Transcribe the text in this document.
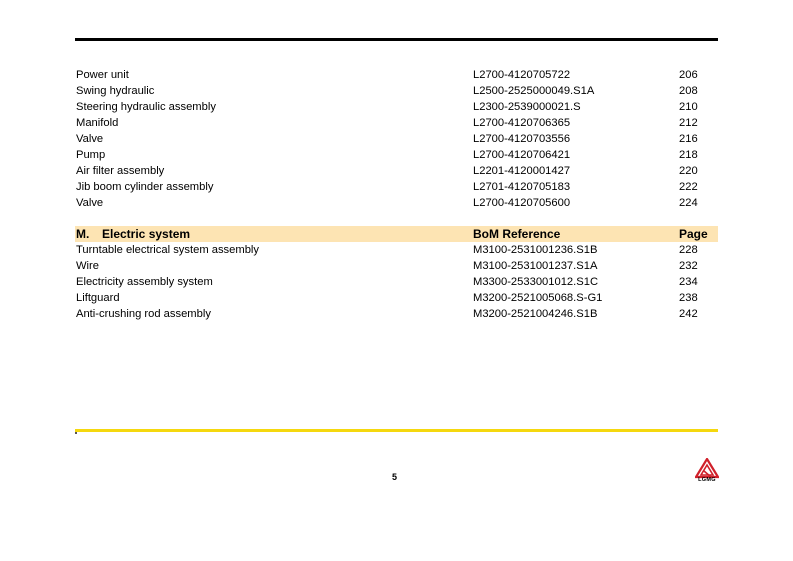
Power unit	L2700-4120705722	206
Swing hydraulic	L2500-2525000049.S1A	208
Steering hydraulic assembly	L2300-2539000021.S	210
Manifold	L2700-4120706365	212
Valve	L2700-4120703556	216
Pump	L2700-4120706421	218
Air filter assembly	L2201-4120001427	220
Jib boom cylinder assembly	L2701-4120705183	222
Valve	L2700-4120705600	224
M. Electric system	BoM Reference	Page
Turntable electrical system assembly	M3100-2531001236.S1B	228
Wire	M3100-2531001237.S1A	232
Electricity assembly system	M3300-2533001012.S1C	234
Liftguard	M3200-2521005068.S-G1	238
Anti-crushing rod assembly	M3200-2521004246.S1B	242
5	LGMG
